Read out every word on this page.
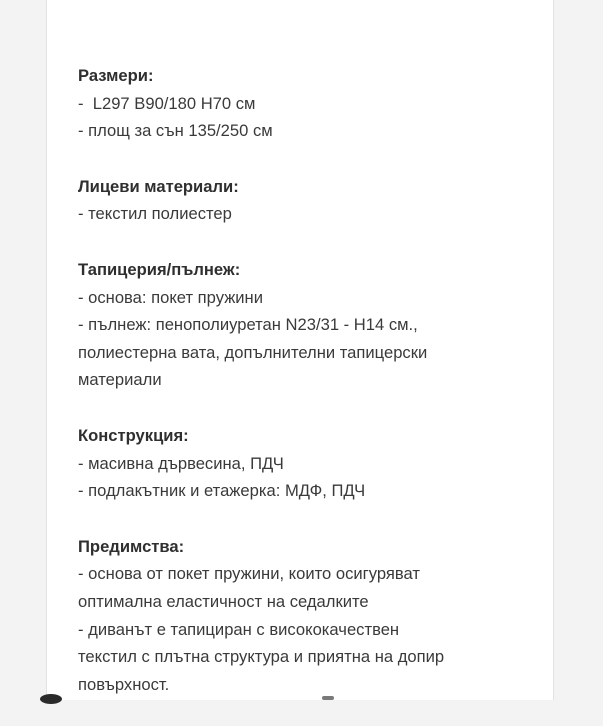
Размери:
-  L297 B90/180 H70 см
- площ за сън 135/250 см
Лицеви материали:
- текстил полиестер
Тапицерия/пълнеж:
- основа: покет пружини
- пълнеж: пенополиуретан N23/31 - H14 см.,
полиестерна вата, допълнителни тапицерски
материали
Конструкция:
- масивна дървесина, ПДЧ
- подлакътник и етажерка: МДФ, ПДЧ
Предимства:
- основа от покет пружини, които осигуряват
оптимална еластичност на седалките
- диванът е тапициран с висококачествен
текстил с плътна структура и приятна на допир
повърхност.
